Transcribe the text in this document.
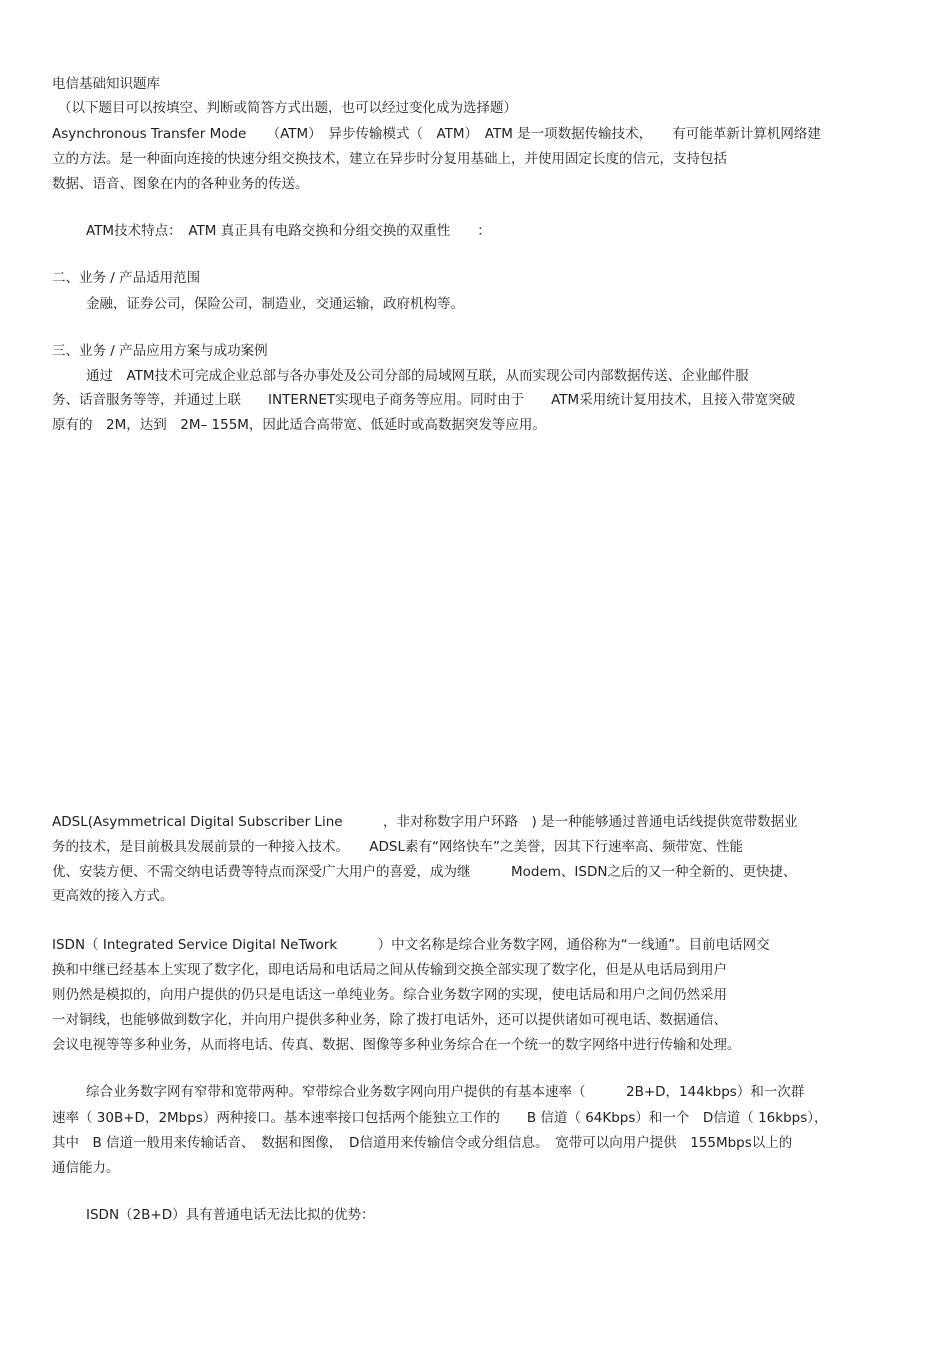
电信基础知识题库

（以下题目可以按填空、判断或简答方式出题，也可以经过变化成为选择题）

Asynchronous Transfer Mode　　（ATM）　异步传输模式（　ATM）　ATM 是一项数据传输技术，　　有可能革新计算机网络建

立的方法。是一种面向连接的快速分组交换技术，建立在异步时分复用基础上，并使用固定长度的信元，支持包括

数据、语音、图象在内的各种业务的传送。

ATM技术特点：　ATM 真正具有电路交换和分组交换的双重性　　：

二、业务 / 产品适用范围

金融，证券公司，保险公司，制造业，交通运输，政府机构等。

三、业务 / 产品应用方案与成功案例

通过　ATM技术可完成企业总部与各办事处及公司分部的局域网互联，从而实现公司内部数据传送、企业邮件服

务、话音服务等等，并通过上联　　INTERNET实现电子商务等应用。同时由于　　ATM采用统计复用技术，且接入带宽突破

原有的　2M，达到　2M– 155M，因此适合高带宽、低延时或高数据突发等应用。

ADSL(Asymmetrical Digital Subscriber Line　　　，非对称数字用户环路　) 是一种能够通过普通电话线提供宽带数据业

务的技术，是目前极具发展前景的一种接入技术。　　ADSL素有“网络快车”之美誉，因其下行速率高、频带宽、性能

优、安装方便、不需交纳电话费等特点而深受广大用户的喜爱，成为继　　　Modem、ISDN之后的又一种全新的、更快捷、

更高效的接入方式。

ISDN（ Integrated Service Digital NeTwork　　　）中文名称是综合业务数字网，通俗称为“一线通”。目前电话网交

换和中继已经基本上实现了数字化，即电话局和电话局之间从传输到交换全部实现了数字化，但是从电话局到用户

则仍然是模拟的，向用户提供的仍只是电话这一单纯业务。综合业务数字网的实现，使电话局和用户之间仍然采用

一对铜线，也能够做到数字化，并向用户提供多种业务，除了拨打电话外，还可以提供诸如可视电话、数据通信、

会议电视等等多种业务，从而将电话、传真、数据、图像等多种业务综合在一个统一的数字网络中进行传输和处理。

综合业务数字网有窄带和宽带两种。窄带综合业务数字网向用户提供的有基本速率（　　　2B+D，144kbps）和一次群

速率（ 30B+D，2Mbps）两种接口。基本速率接口包括两个能独立工作的　　B 信道（ 64Kbps）和一个　D信道（ 16kbps），

其中　B 信道一般用来传输话音、　数据和图像，　D信道用来传输信令或分组信息。　宽带可以向用户提供　155Mbps以上的

通信能力。

ISDN（2B+D）具有普通电话无法比拟的优势：
